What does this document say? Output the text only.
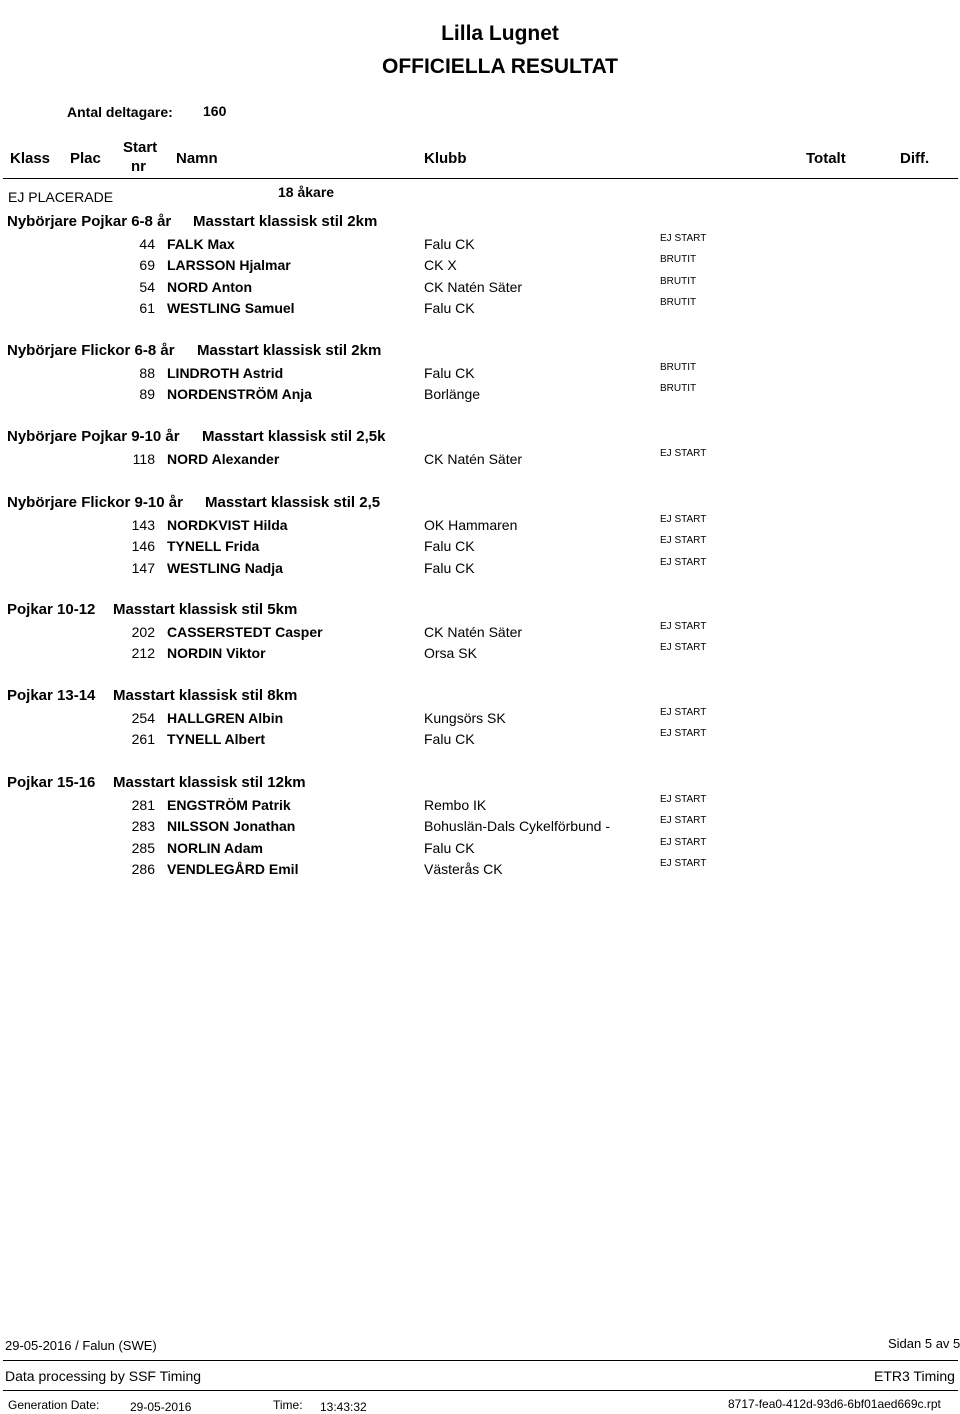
Lilla Lugnet
OFFICIELLA RESULTAT
Antal deltagare: 160
Klass Plac
Start
nr Namn	Klubb	Totalt	Diff.
EJ PLACERADE	18 åkare
Nybörjare Pojkar 6-8 år Masstart klassisk stil 2km
44 FALK Max	Falu CK	EJ START
69 LARSSON Hjalmar	CK X	BRUTIT
54 NORD Anton	CK Natén Säter	BRUTIT
61 WESTLING Samuel	Falu CK	BRUTIT
Nybörjare Flickor 6-8 år Masstart klassisk stil 2km
88 LINDROTH Astrid	Falu CK	BRUTIT
89 NORDENSTRÖM Anja	Borlänge	BRUTIT
Nybörjare Pojkar 9-10 år Masstart klassisk stil 2,5k
118 NORD Alexander	CK Natén Säter	EJ START
Nybörjare Flickor 9-10 år Masstart klassisk stil 2,5
143 NORDKVIST Hilda	OK Hammaren	EJ START
146 TYNELL Frida	Falu CK	EJ START
147 WESTLING Nadja	Falu CK	EJ START
Pojkar 10-12 Masstart klassisk stil 5km
202 CASSERSTEDT Casper	CK Natén Säter	EJ START
212 NORDIN Viktor	Orsa SK	EJ START
Pojkar 13-14 Masstart klassisk stil 8km
254 HALLGREN Albin	Kungsörs SK	EJ START
261 TYNELL Albert	Falu CK	EJ START
Pojkar 15-16 Masstart klassisk stil 12km
281 ENGSTRÖM Patrik	Rembo IK	EJ START
283 NILSSON Jonathan	Bohuslän-Dals Cykelförbund -	EJ START
285 NORLIN Adam	Falu CK	EJ START
286 VENDLEGÅRD Emil	Västerås CK	EJ START
29-05-2016 / Falun (SWE)	Sidan 5 av 5
Data processing by SSF Timing	ETR3 Timing
Generation Date:	29-05-2016	Time: 13:43:32	8717-fea0-412d-93d6-6bf01aed669c.rpt
